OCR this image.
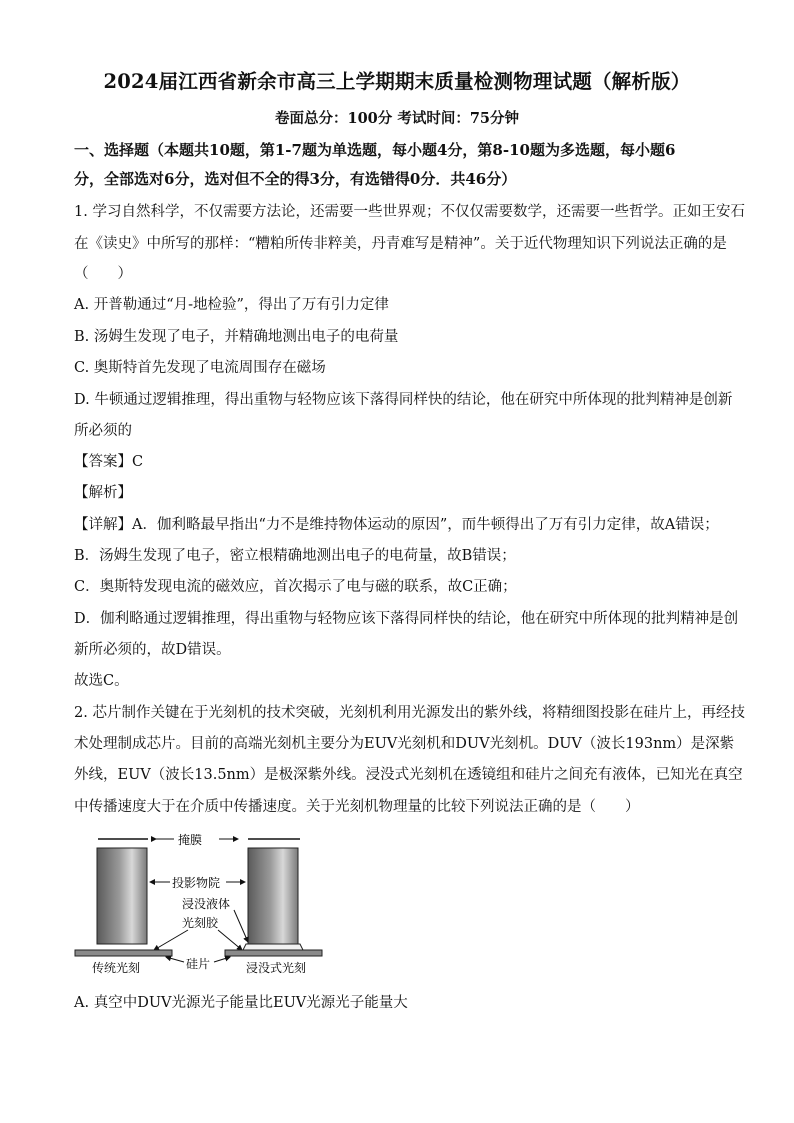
2024届江西省新余市高三上学期期末质量检测物理试题（解析版）
卷面总分：100分 考试时间：75分钟
一、选择题（本题共10题，第1-7题为单选题，每小题4分，第8-10题为多选题，每小题6
分，全部选对6分，选对但不全的得3分，有选错得0分．共46分）
1. 学习自然科学，不仅需要方法论，还需要一些世界观；不仅仅需要数学，还需要一些哲学。正如王安石
在《读史》中所写的那样：“糟粕所传非粹美，丹青难写是精神”。关于近代物理知识下列说法正确的是
（　　）
A. 开普勒通过“月-地检验”，得出了万有引力定律
B. 汤姆生发现了电子，并精确地测出电子的电荷量
C. 奥斯特首先发现了电流周围存在磁场
D. 牛顿通过逻辑推理，得出重物与轻物应该下落得同样快的结论，他在研究中所体现的批判精神是创新
所必须的
【答案】C
【解析】
【详解】A．伽利略最早指出“力不是维持物体运动的原因”，而牛顿得出了万有引力定律，故A错误；
B．汤姆生发现了电子，密立根精确地测出电子的电荷量，故B错误；
C．奥斯特发现电流的磁效应，首次揭示了电与磁的联系，故C正确；
D．伽利略通过逻辑推理，得出重物与轻物应该下落得同样快的结论，他在研究中所体现的批判精神是创
新所必须的，故D错误。
故选C。
2. 芯片制作关键在于光刻机的技术突破，光刻机利用光源发出的紫外线，将精细图投影在硅片上，再经技
术处理制成芯片。目前的高端光刻机主要分为EUV光刻机和DUV光刻机。DUV（波长193nm）是深紫
外线，EUV（波长13.5nm）是极深紫外线。浸没式光刻机在透镜组和硅片之间充有液体，已知光在真空
中传播速度大于在介质中传播速度。关于光刻机物理量的比较下列说法正确的是（　　）
掩膜
投影物院
浸没液体
光刻胶
硅片
传统光刻	浸没式光刻
A. 真空中DUV光源光子能量比EUV光源光子能量大
